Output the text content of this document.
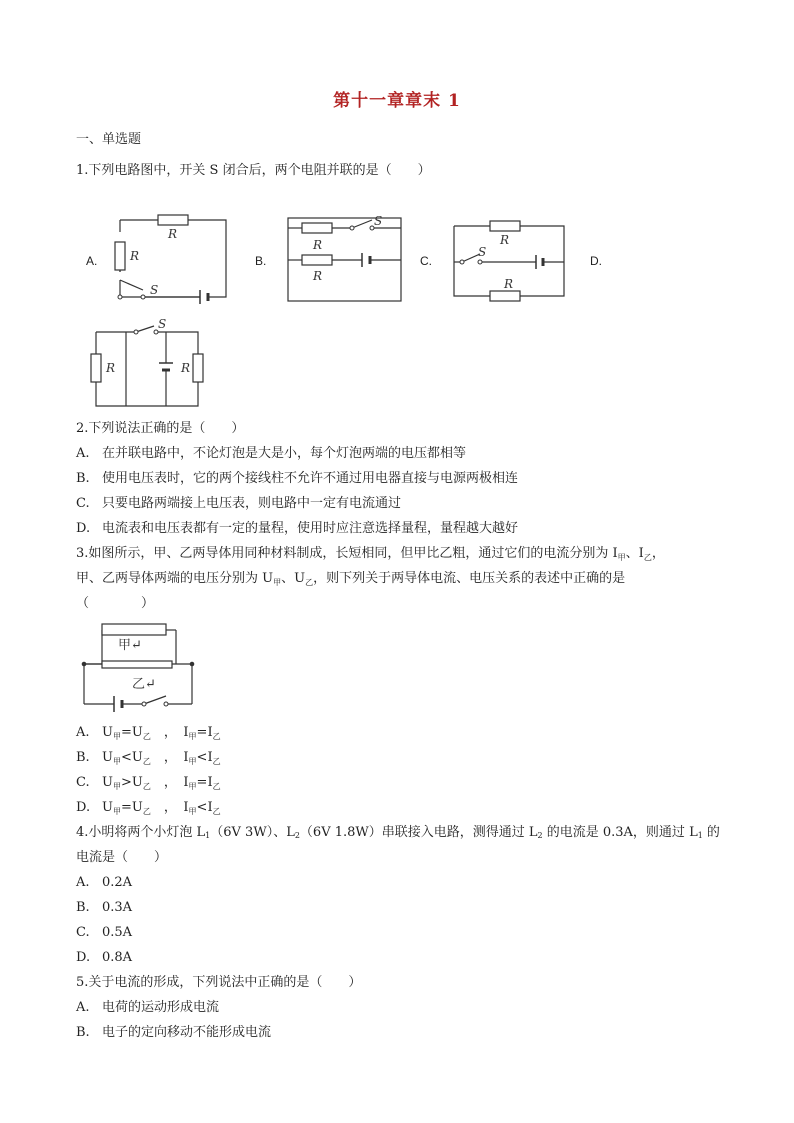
第十一章章末 1
一、单选题
1.下列电路图中，开关 S 闭合后，两个电阻并联的是（　　）
A.	B.	C.	D.
R
R
S
R
R
S
R
S
R
R	R
S
2.下列说法正确的是（　　）
A. 在并联电路中，不论灯泡是大是小，每个灯泡两端的电压都相等
B. 使用电压表时，它的两个接线柱不允许不通过用电器直接与电源两极相连
C. 只要电路两端接上电压表，则电路中一定有电流通过
D. 电流表和电压表都有一定的量程，使用时应注意选择量程，量程越大越好
3.如图所示，甲、乙两导体用同种材料制成，长短相同，但甲比乙粗，通过它们的电流分别为 $I_甲$、$I_乙$，
甲、乙两导体两端的电压分别为 $U_甲$、$U_乙$，则下列关于两导体电流、电压关系的表述中正确的是
（　　　　）
甲↵
乙↵
A. $U_甲=U_乙$　 ，　 $I_甲=I_乙$
B. $U_甲<U_乙$　 ，　 $I_甲<I_乙$
C. $U_甲>U_乙$　 ，　 $I_甲=I_乙$
D. $U_甲=U_乙$　 ，　 $I_甲<I_乙$
4.小明将两个小灯泡 L1（6V 3W）、L2（6V 1.8W）串联接入电路，测得通过 L2 的电流是 0.3A，则通过 L1 的
电流是（　　）
A. 0.2A
B. 0.3A
C. 0.5A
D. 0.8A
5.关于电流的形成，下列说法中正确的是（　　）
A. 电荷的运动形成电流
B. 电子的定向移动不能形成电流
